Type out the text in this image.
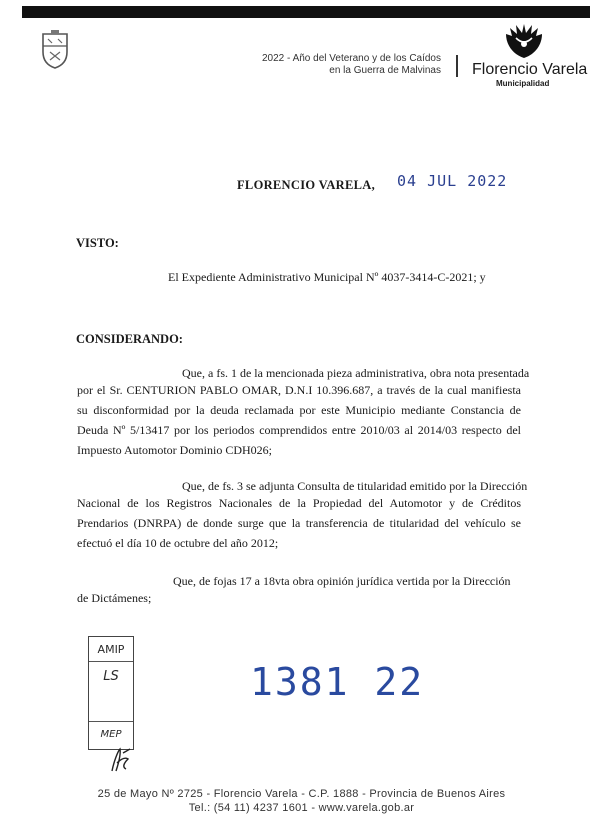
2022 - Año del Veterano y de los Caídos
en la Guerra de Malvinas Florencio Varela
Municipalidad
FLORENCIO VARELA, 04 JUL 2022
VISTO:
El Expediente Administrativo Municipal Nº 4037-3414-C-2021; y
CONSIDERANDO:
Que, a fs. 1 de la mencionada pieza administrativa, obra nota presentada
por el Sr. CENTURION PABLO OMAR, D.N.I 10.396.687, a través de la cual manifiesta su disconformidad por la deuda reclamada por este Municipio mediante Constancia de Deuda Nº 5/13417 por los periodos comprendidos entre 2010/03 al 2014/03 respecto del Impuesto Automotor Dominio CDH026;
Que, de fs. 3 se adjunta Consulta de titularidad emitido por la Dirección
Nacional de los Registros Nacionales de la Propiedad del Automotor y de Créditos Prendarios (DNRPA) de donde surge que la transferencia de titularidad del vehículo se efectuó el día 10 de octubre del año 2012;
Que, de fojas 17 a 18vta obra opinión jurídica vertida por la Dirección
de Dictámenes;
AMIP
LS
MEP
1381 22
25 de Mayo Nº 2725 - Florencio Varela - C.P. 1888 - Provincia de Buenos Aires
Tel.: (54 11) 4237 1601 - www.varela.gob.ar
